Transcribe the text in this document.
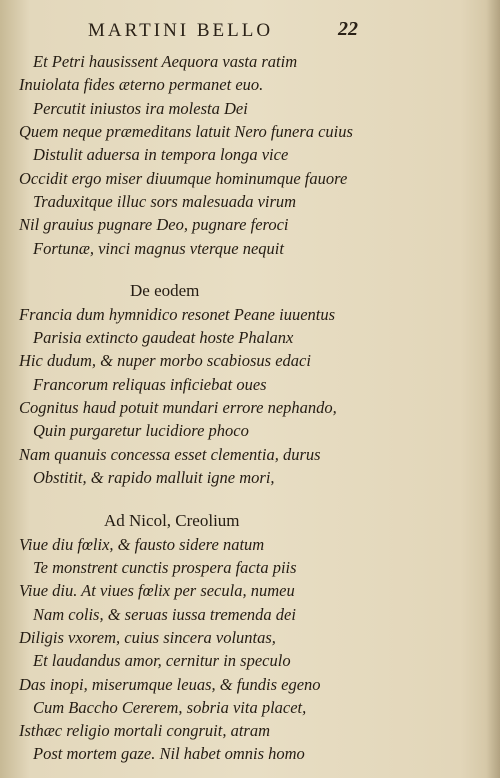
MARTINI BELLO	22
Et Petri hausissent Aequora vasta ratim
Inuiolata fides æterno permanet euo.
Percutit iniustos ira molesta Dei
Quem neque præmeditans latuit Nero funera cuius
Distulit aduersa in tempora longa vice
Occidit ergo miser diuumque hominumque fauore
Traduxitque illuc sors malesuada virum
Nil grauius pugnare Deo, pugnare feroci
Fortunæ, vinci magnus vterque nequit
De eodem
Francia dum hymnidico resonet Peane iuuentus
Parisia extincto gaudeat hoste Phalanx
Hic dudum, & nuper morbo scabiosus edaci
Francorum reliquas inficiebat oues
Cognitus haud potuit mundari errore nephando,
Quin purgaretur lucidiore phoco
Nam quanuis concessa esset clementia, durus
Obstitit, & rapido malluit igne mori,
Ad Nicol, Creolium
Viue diu fœlix, & fausto sidere natum
Te monstrent cunctis prospera facta piis
Viue diu. At viues fœlix per secula, numeu
Nam colis, & seruas iussa tremenda dei
Diligis vxorem, cuius sincera voluntas,
Et laudandus amor, cernitur in speculo
Das inopi, miserumque leuas, & fundis egeno
Cum Baccho Cererem, sobria vita placet,
Isthæc religio mortali congruit, atram
Post mortem gaze. Nil habet omnis homo
